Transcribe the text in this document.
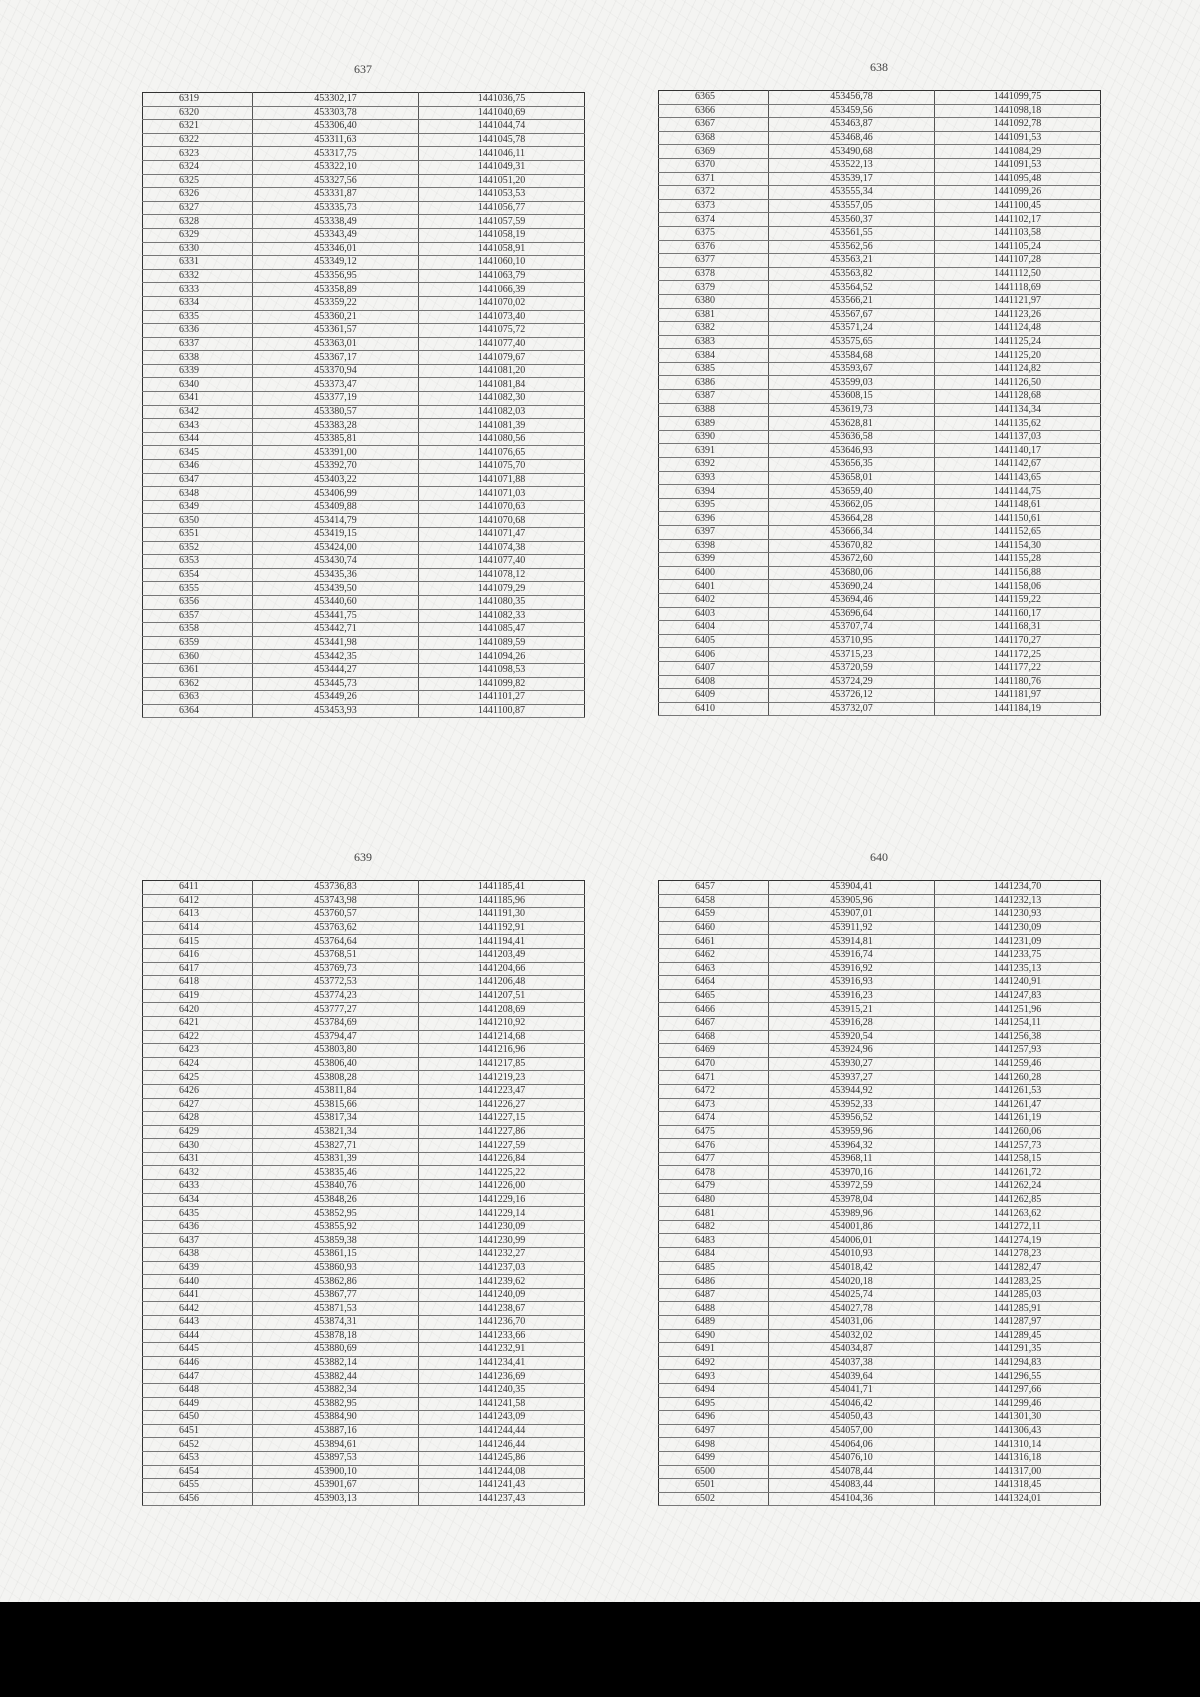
637
6319	453302,17	1441036,75
6320	453303,78	1441040,69
6321	453306,40	1441044,74
6322	453311,63	1441045,78
6323	453317,75	1441046,11
6324	453322,10	1441049,31
6325	453327,56	1441051,20
6326	453331,87	1441053,53
6327	453335,73	1441056,77
6328	453338,49	1441057,59
6329	453343,49	1441058,19
6330	453346,01	1441058,91
6331	453349,12	1441060,10
6332	453356,95	1441063,79
6333	453358,89	1441066,39
6334	453359,22	1441070,02
6335	453360,21	1441073,40
6336	453361,57	1441075,72
6337	453363,01	1441077,40
6338	453367,17	1441079,67
6339	453370,94	1441081,20
6340	453373,47	1441081,84
6341	453377,19	1441082,30
6342	453380,57	1441082,03
6343	453383,28	1441081,39
6344	453385,81	1441080,56
6345	453391,00	1441076,65
6346	453392,70	1441075,70
6347	453403,22	1441071,88
6348	453406,99	1441071,03
6349	453409,88	1441070,63
6350	453414,79	1441070,68
6351	453419,15	1441071,47
6352	453424,00	1441074,38
6353	453430,74	1441077,40
6354	453435,36	1441078,12
6355	453439,50	1441079,29
6356	453440,60	1441080,35
6357	453441,75	1441082,33
6358	453442,71	1441085,47
6359	453441,98	1441089,59
6360	453442,35	1441094,26
6361	453444,27	1441098,53
6362	453445,73	1441099,82
6363	453449,26	1441101,27
6364	453453,93	1441100,87
638
6365	453456,78	1441099,75
6366	453459,56	1441098,18
6367	453463,87	1441092,78
6368	453468,46	1441091,53
6369	453490,68	1441084,29
6370	453522,13	1441091,53
6371	453539,17	1441095,48
6372	453555,34	1441099,26
6373	453557,05	1441100,45
6374	453560,37	1441102,17
6375	453561,55	1441103,58
6376	453562,56	1441105,24
6377	453563,21	1441107,28
6378	453563,82	1441112,50
6379	453564,52	1441118,69
6380	453566,21	1441121,97
6381	453567,67	1441123,26
6382	453571,24	1441124,48
6383	453575,65	1441125,24
6384	453584,68	1441125,20
6385	453593,67	1441124,82
6386	453599,03	1441126,50
6387	453608,15	1441128,68
6388	453619,73	1441134,34
6389	453628,81	1441135,62
6390	453636,58	1441137,03
6391	453646,93	1441140,17
6392	453656,35	1441142,67
6393	453658,01	1441143,65
6394	453659,40	1441144,75
6395	453662,05	1441148,61
6396	453664,28	1441150,61
6397	453666,34	1441152,65
6398	453670,82	1441154,30
6399	453672,60	1441155,28
6400	453680,06	1441156,88
6401	453690,24	1441158,06
6402	453694,46	1441159,22
6403	453696,64	1441160,17
6404	453707,74	1441168,31
6405	453710,95	1441170,27
6406	453715,23	1441172,25
6407	453720,59	1441177,22
6408	453724,29	1441180,76
6409	453726,12	1441181,97
6410	453732,07	1441184,19
639
6411	453736,83	1441185,41
6412	453743,98	1441185,96
6413	453760,57	1441191,30
6414	453763,62	1441192,91
6415	453764,64	1441194,41
6416	453768,51	1441203,49
6417	453769,73	1441204,66
6418	453772,53	1441206,48
6419	453774,23	1441207,51
6420	453777,27	1441208,69
6421	453784,69	1441210,92
6422	453794,47	1441214,68
6423	453803,80	1441216,96
6424	453806,40	1441217,85
6425	453808,28	1441219,23
6426	453811,84	1441223,47
6427	453815,66	1441226,27
6428	453817,34	1441227,15
6429	453821,34	1441227,86
6430	453827,71	1441227,59
6431	453831,39	1441226,84
6432	453835,46	1441225,22
6433	453840,76	1441226,00
6434	453848,26	1441229,16
6435	453852,95	1441229,14
6436	453855,92	1441230,09
6437	453859,38	1441230,99
6438	453861,15	1441232,27
6439	453860,93	1441237,03
6440	453862,86	1441239,62
6441	453867,77	1441240,09
6442	453871,53	1441238,67
6443	453874,31	1441236,70
6444	453878,18	1441233,66
6445	453880,69	1441232,91
6446	453882,14	1441234,41
6447	453882,44	1441236,69
6448	453882,34	1441240,35
6449	453882,95	1441241,58
6450	453884,90	1441243,09
6451	453887,16	1441244,44
6452	453894,61	1441246,44
6453	453897,53	1441245,86
6454	453900,10	1441244,08
6455	453901,67	1441241,43
6456	453903,13	1441237,43
640
6457	453904,41	1441234,70
6458	453905,96	1441232,13
6459	453907,01	1441230,93
6460	453911,92	1441230,09
6461	453914,81	1441231,09
6462	453916,74	1441233,75
6463	453916,92	1441235,13
6464	453916,93	1441240,91
6465	453916,23	1441247,83
6466	453915,21	1441251,96
6467	453916,28	1441254,11
6468	453920,54	1441256,38
6469	453924,96	1441257,93
6470	453930,27	1441259,46
6471	453937,27	1441260,28
6472	453944,92	1441261,53
6473	453952,33	1441261,47
6474	453956,52	1441261,19
6475	453959,96	1441260,06
6476	453964,32	1441257,73
6477	453968,11	1441258,15
6478	453970,16	1441261,72
6479	453972,59	1441262,24
6480	453978,04	1441262,85
6481	453989,96	1441263,62
6482	454001,86	1441272,11
6483	454006,01	1441274,19
6484	454010,93	1441278,23
6485	454018,42	1441282,47
6486	454020,18	1441283,25
6487	454025,74	1441285,03
6488	454027,78	1441285,91
6489	454031,06	1441287,97
6490	454032,02	1441289,45
6491	454034,87	1441291,35
6492	454037,38	1441294,83
6493	454039,64	1441296,55
6494	454041,71	1441297,66
6495	454046,42	1441299,46
6496	454050,43	1441301,30
6497	454057,00	1441306,43
6498	454064,06	1441310,14
6499	454076,10	1441316,18
6500	454078,44	1441317,00
6501	454083,44	1441318,45
6502	454104,36	1441324,01
